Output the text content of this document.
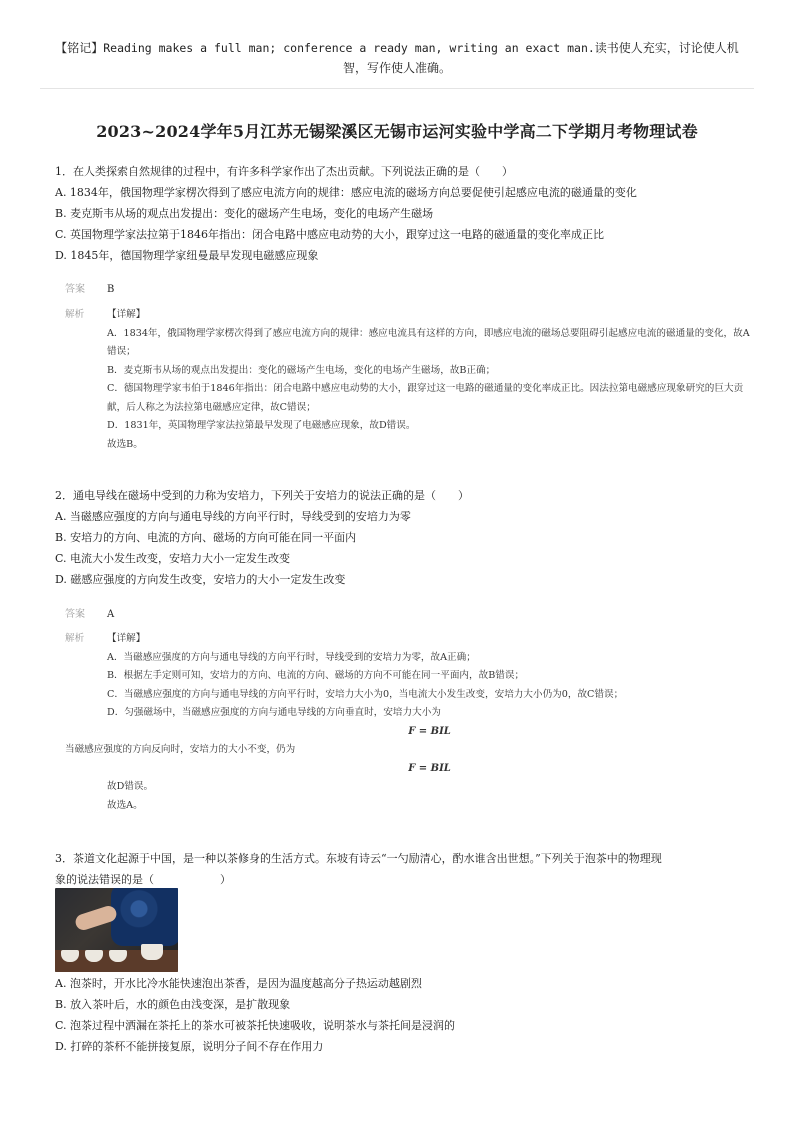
【铭记】Reading makes a full man; conference a ready man, writing an exact man.读书使人充实，讨论使人机
智，写作使人准确。
2023~2024学年5月江苏无锡梁溪区无锡市运河实验中学高二下学期月考物理试卷
1．在人类探索自然规律的过程中，有许多科学家作出了杰出贡献。下列说法正确的是（　　）
A. 1834年，俄国物理学家楞次得到了感应电流方向的规律：感应电流的磁场方向总要促使引起感应电流的磁通量的变化
B. 麦克斯韦从场的观点出发提出：变化的磁场产生电场，变化的电场产生磁场
C. 英国物理学家法拉第于1846年指出：闭合电路中感应电动势的大小，跟穿过这一电路的磁通量的变化率成正比
D. 1845年，德国物理学家纽曼最早发现电磁感应现象
答案 B
解析 【详解】
A．1834年，俄国物理学家楞次得到了感应电流方向的规律：感应电流具有这样的方向，即感应电流的磁场总要阻碍引起感应电流的磁通量的变化，故A错误；
B．麦克斯韦从场的观点出发提出：变化的磁场产生电场，变化的电场产生磁场，故B正确；
C．德国物理学家韦伯于1846年指出：闭合电路中感应电动势的大小，跟穿过这一电路的磁通量的变化率成正比。因法拉第电磁感应现象研究的巨大贡献，后人称之为法拉第电磁感应定律，故C错误；
D．1831年，英国物理学家法拉第最早发现了电磁感应现象，故D错误。
故选B。
2．通电导线在磁场中受到的力称为安培力，下列关于安培力的说法正确的是（　　）
A. 当磁感应强度的方向与通电导线的方向平行时，导线受到的安培力为零
B. 安培力的方向、电流的方向、磁场的方向可能在同一平面内
C. 电流大小发生改变，安培力大小一定发生改变
D. 磁感应强度的方向发生改变，安培力的大小一定发生改变
答案 A
解析 【详解】
A．当磁感应强度的方向与通电导线的方向平行时，导线受到的安培力为零，故A正确；
B．根据左手定则可知，安培力的方向、电流的方向、磁场的方向不可能在同一平面内，故B错误；
C．当磁感应强度的方向与通电导线的方向平行时，安培力大小为0，当电流大小发生改变，安培力大小仍为0，故C错误；
D．匀强磁场中，当磁感应强度的方向与通电导线的方向垂直时，安培力大小为
F = BIL
当磁感应强度的方向反向时，安培力的大小不变，仍为
F = BIL
故D错误。
故选A。
3．茶道文化起源于中国，是一种以茶修身的生活方式。东坡有诗云“一勺励清心，酌水谁含出世想。”下列关于泡茶中的物理现
象的说法错误的是（　　　　　　）
A. 泡茶时，开水比冷水能快速泡出茶香，是因为温度越高分子热运动越剧烈
B. 放入茶叶后，水的颜色由浅变深，是扩散现象
C. 泡茶过程中洒漏在茶托上的茶水可被茶托快速吸收，说明茶水与茶托间是浸润的
D. 打碎的茶杯不能拼接复原，说明分子间不存在作用力
